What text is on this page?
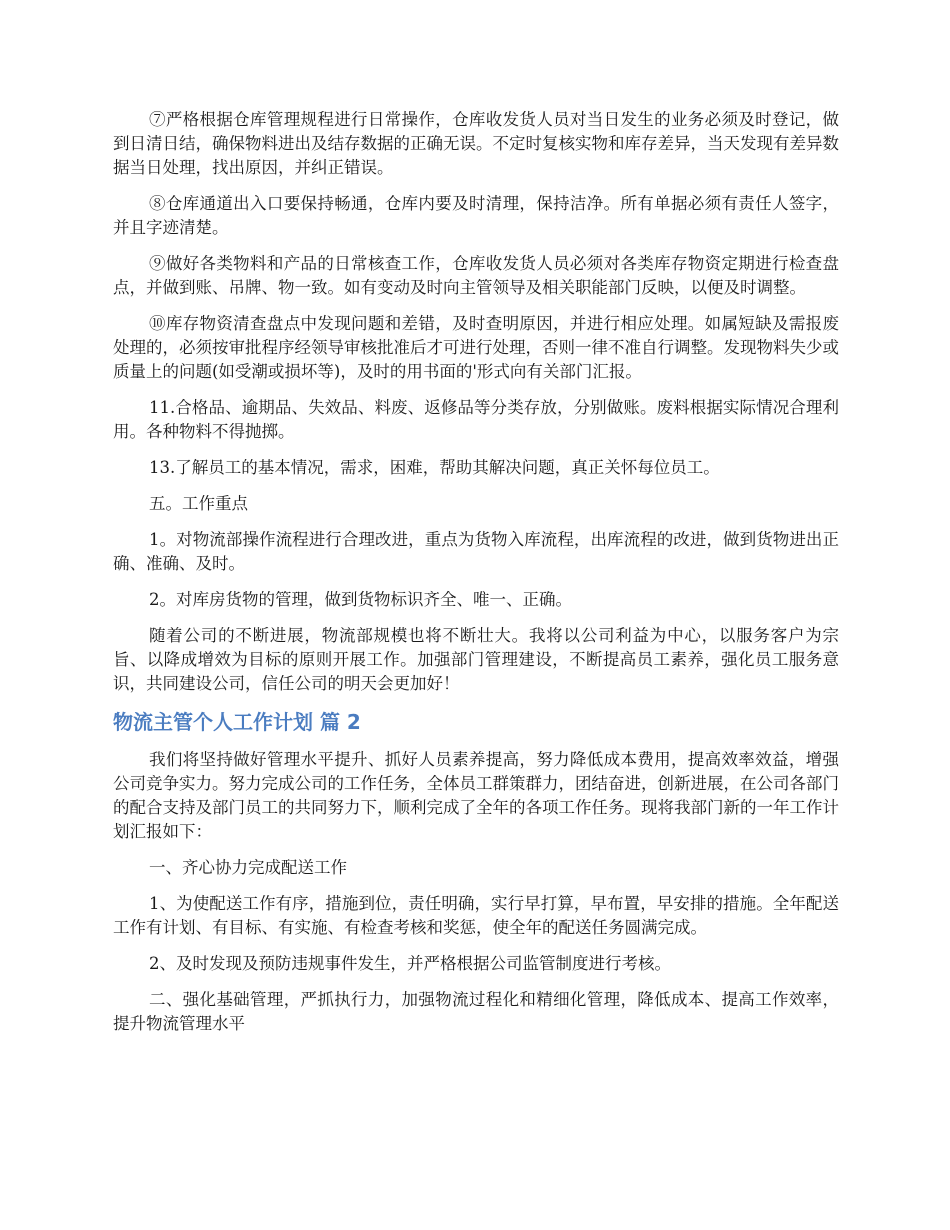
⑦严格根据仓库管理规程进行日常操作，仓库收发货人员对当日发生的业务必须及时登记，做到日清日结，确保物料进出及结存数据的正确无误。不定时复核实物和库存差异，当天发现有差异数据当日处理，找出原因，并纠正错误。

⑧仓库通道出入口要保持畅通，仓库内要及时清理，保持洁净。所有单据必须有责任人签字，并且字迹清楚。

⑨做好各类物料和产品的日常核查工作，仓库收发货人员必须对各类库存物资定期进行检查盘点，并做到账、吊牌、物一致。如有变动及时向主管领导及相关职能部门反映，以便及时调整。

⑩库存物资清查盘点中发现问题和差错，及时查明原因，并进行相应处理。如属短缺及需报废处理的，必须按审批程序经领导审核批准后才可进行处理，否则一律不准自行调整。发现物料失少或质量上的问题(如受潮或损坏等)，及时的用书面的'形式向有关部门汇报。

11.合格品、逾期品、失效品、料废、返修品等分类存放，分别做账。废料根据实际情况合理利用。各种物料不得抛掷。

13.了解员工的基本情况，需求，困难，帮助其解决问题，真正关怀每位员工。

五。工作重点

1。对物流部操作流程进行合理改进，重点为货物入库流程，出库流程的改进，做到货物进出正确、准确、及时。

2。对库房货物的管理，做到货物标识齐全、唯一、正确。

随着公司的不断进展，物流部规模也将不断壮大。我将以公司利益为中心，以服务客户为宗旨、以降成增效为目标的原则开展工作。加强部门管理建设，不断提高员工素养，强化员工服务意识，共同建设公司，信任公司的明天会更加好！

物流主管个人工作计划 篇 2

我们将坚持做好管理水平提升、抓好人员素养提高，努力降低成本费用，提高效率效益，增强公司竞争实力。努力完成公司的工作任务，全体员工群策群力，团结奋进，创新进展，在公司各部门的配合支持及部门员工的共同努力下，顺利完成了全年的各项工作任务。现将我部门新的一年工作计划汇报如下：

一、齐心协力完成配送工作

1、为使配送工作有序，措施到位，责任明确，实行早打算，早布置，早安排的措施。全年配送工作有计划、有目标、有实施、有检查考核和奖惩，使全年的配送任务圆满完成。

2、及时发现及预防违规事件发生，并严格根据公司监管制度进行考核。

二、强化基础管理，严抓执行力，加强物流过程化和精细化管理，降低成本、提高工作效率，提升物流管理水平
